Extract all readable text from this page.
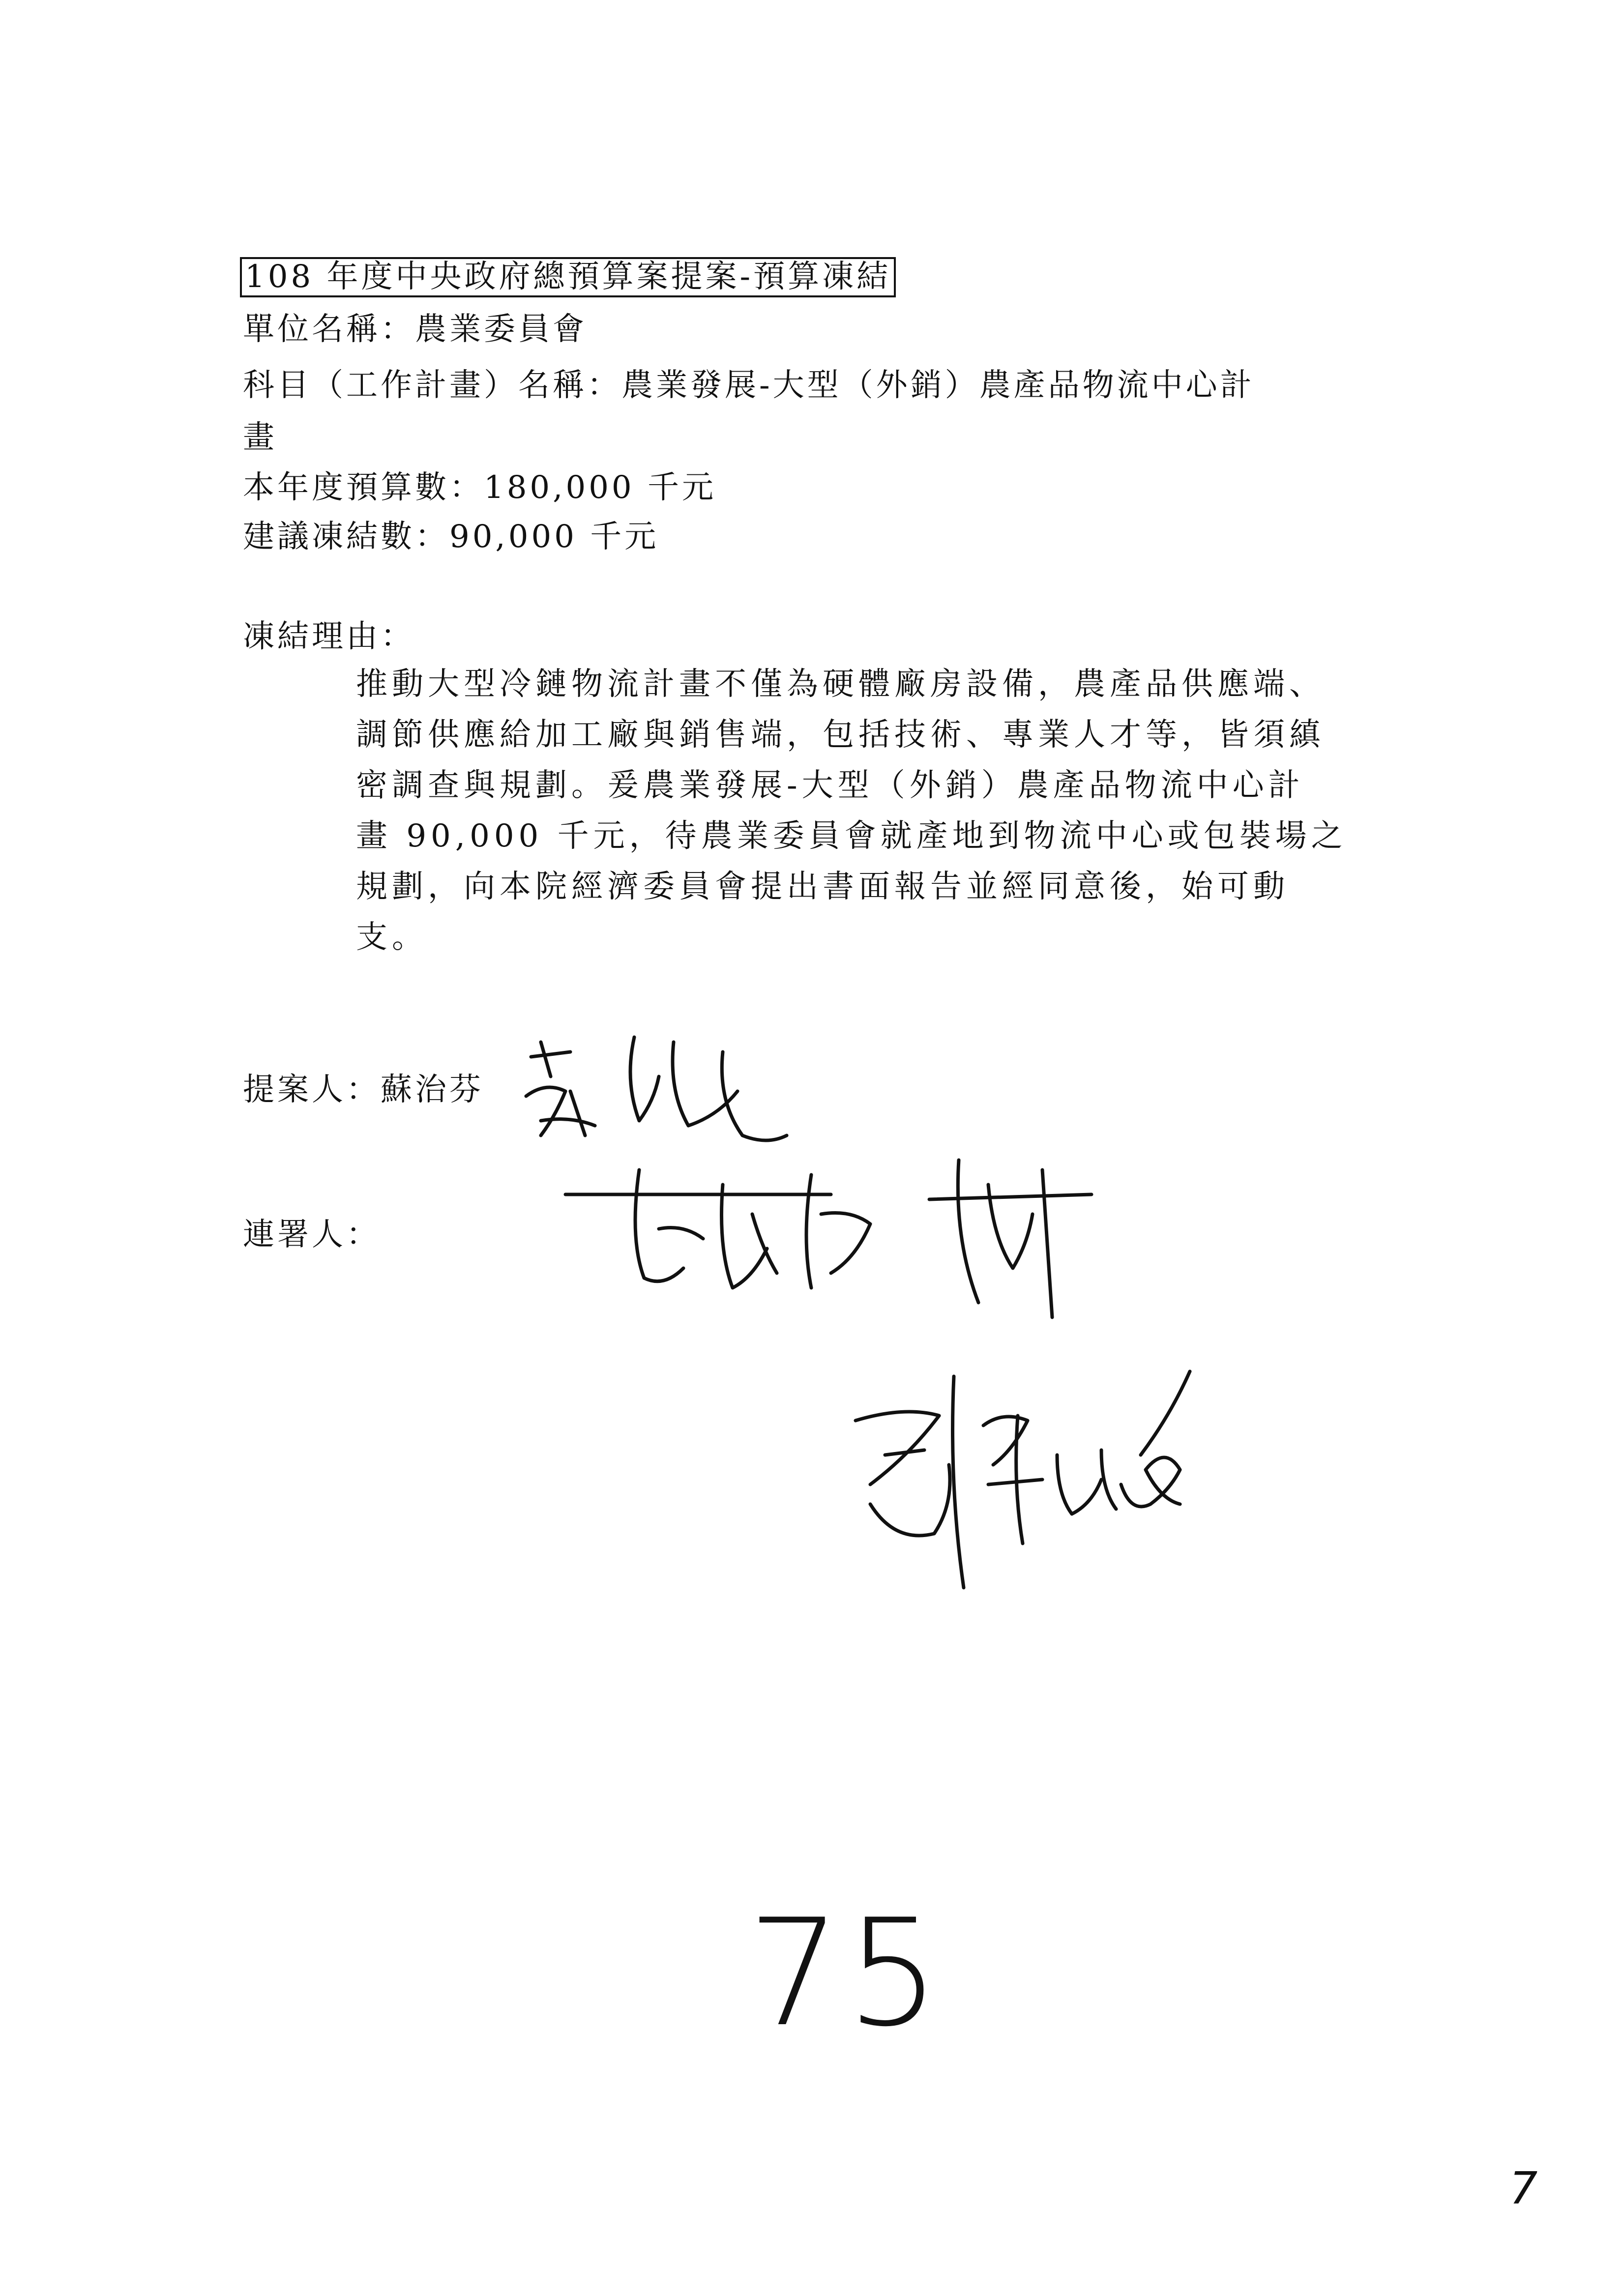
108 年度中央政府總預算案提案-預算凍結
單位名稱：農業委員會
科目（工作計畫）名稱：農業發展-大型（外銷）農產品物流中心計
畫
本年度預算數：180,000 千元
建議凍結數：90,000 千元
凍結理由：
推動大型冷鏈物流計畫不僅為硬體廠房設備，農產品供應端、
調節供應給加工廠與銷售端，包括技術、專業人才等，皆須縝
密調查與規劃。爰農業發展-大型（外銷）農產品物流中心計
畫 90,000 千元，待農業委員會就產地到物流中心或包裝場之
規劃，向本院經濟委員會提出書面報告並經同意後，始可動
支。
提案人：蘇治芬
連署人：
75
7
